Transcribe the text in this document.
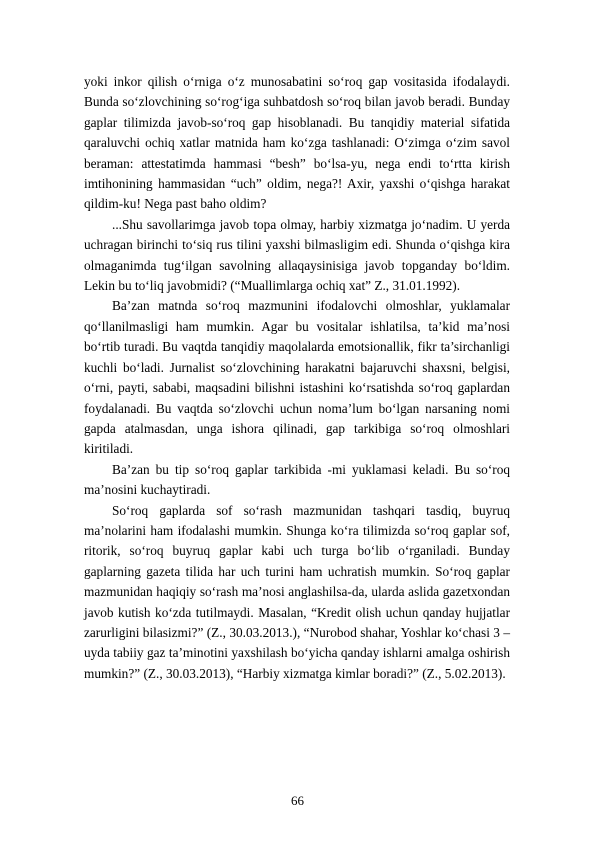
yoki inkor qilish o‘rniga o‘z munosabatini so‘roq gap vositasida ifodalaydi. Bunda so‘zlovchining so‘rog‘iga suhbatdosh so‘roq bilan javob beradi. Bunday gaplar tilimizda javob-so‘roq gap hisoblanadi. Bu tanqidiy material sifatida qaraluvchi ochiq xatlar matnida ham ko‘zga tashlanadi: O‘zimga o‘zim savol beraman: attestatimda hammasi “besh” bo‘lsa-yu, nega endi to‘rtta kirish imtihonining hammasidan “uch” oldim, nega?! Axir, yaxshi o‘qishga harakat qildim-ku! Nega past baho oldim?

...Shu savollarimga javob topa olmay, harbiy xizmatga jo‘nadim. U yerda uchragan birinchi to‘siq rus tilini yaxshi bilmasligim edi. Shunda o‘qishga kira olmaganimda tug‘ilgan savolning allaqaysinisiga javob topganday bo‘ldim. Lekin bu to‘liq javobmidi? (“Muallimlarga ochiq xat” Z., 31.01.1992).

Ba’zan matnda so‘roq mazmunini ifodalovchi olmoshlar, yuklamalar qo‘llanilmasligi ham mumkin. Agar bu vositalar ishlatilsa, ta’kid ma’nosi bo‘rtib turadi. Bu vaqtda tanqidiy maqolalarda emotsionallik, fikr ta’sirchanligi kuchli bo‘ladi. Jurnalist so‘zlovchining harakatni bajaruvchi shaxsni, belgisi, o‘rni, payti, sababi, maqsadini bilishni istashini ko‘rsatishda so‘roq gaplardan foydalanadi. Bu vaqtda so‘zlovchi uchun noma’lum bo‘lgan narsaning nomi gapda atalmasdan, unga ishora qilinadi, gap tarkibiga so‘roq olmoshlari kiritiladi.

Ba’zan bu tip so‘roq gaplar tarkibida -mi yuklamasi keladi. Bu so‘roq ma’nosini kuchaytiradi.

So‘roq gaplarda sof so‘rash mazmunidan tashqari tasdiq, buyruq ma’nolarini ham ifodalashi mumkin. Shunga ko‘ra tilimizda so‘roq gaplar sof, ritorik, so‘roq buyruq gaplar kabi uch turga bo‘lib o‘rganiladi. Bunday gaplarning gazeta tilida har uch turini ham uchratish mumkin. So‘roq gaplar mazmunidan haqiqiy so‘rash ma’nosi anglashilsa-da, ularda aslida gazetxondan javob kutish ko‘zda tutilmaydi. Masalan, “Kredit olish uchun qanday hujjatlar zarurligini bilasizmi?” (Z., 30.03.2013.), “Nurobod shahar, Yoshlar ko‘chasi 3 –uyda tabiiy gaz ta’minotini yaxshilash bo‘yicha qanday ishlarni amalga oshirish mumkin?” (Z., 30.03.2013), “Harbiy xizmatga kimlar boradi?” (Z., 5.02.2013).

66
